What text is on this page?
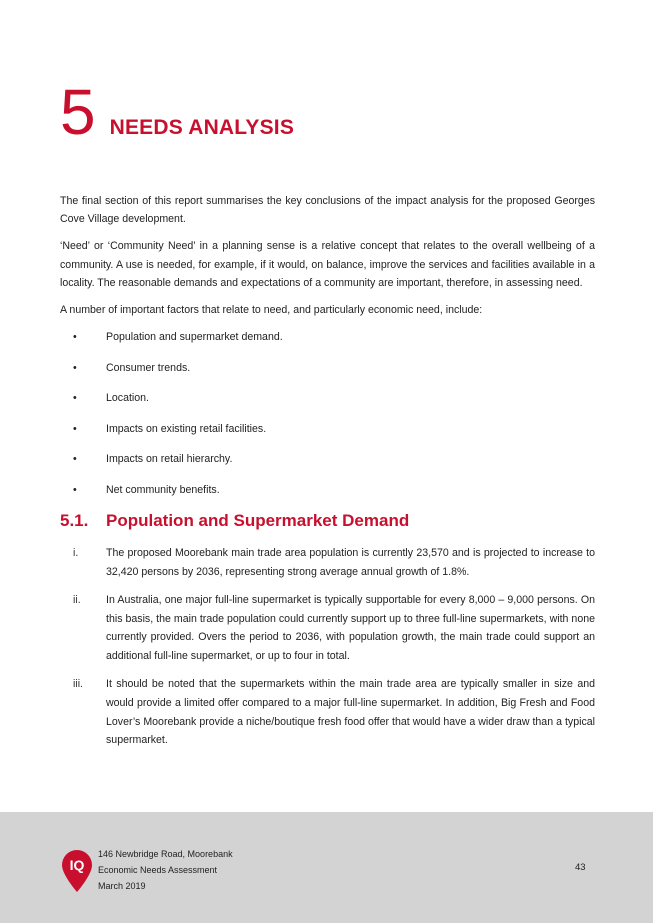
5 NEEDS ANALYSIS

The final section of this report summarises the key conclusions of the impact analysis for the proposed Georges Cove Village development.

‘Need’ or ‘Community Need’ in a planning sense is a relative concept that relates to the overall wellbeing of a community. A use is needed, for example, if it would, on balance, improve the services and facilities available in a locality. The reasonable demands and expectations of a community are important, therefore, in assessing need.

A number of important factors that relate to need, and particularly economic need, include:

•	Population and supermarket demand.
•	Consumer trends.
•	Location.
•	Impacts on existing retail facilities.
•	Impacts on retail hierarchy.
•	Net community benefits.
5.1.	Population and Supermarket Demand
i.	The proposed Moorebank main trade area population is currently 23,570 and is projected to increase to 32,420 persons by 2036, representing strong average annual growth of 1.8%.
ii. In Australia, one major full-line supermarket is typically supportable for every 8,000 – 9,000 persons. On this basis, the main trade population could currently support up to three full-line supermarkets, with none currently provided. Overs the period to 2036, with population growth, the main trade could support an additional full-line supermarket, or up to four in total.
iii. It should be noted that the supermarkets within the main trade area are typically smaller in size and would provide a limited offer compared to a major full-line supermarket. In addition, Big Fresh and Food Lover’s Moorebank provide a niche/boutique fresh food offer that would have a wider draw than a typical supermarket.
IQ
146 Newbridge Road, Moorebank
Economic Needs Assessment
March 2019
43
